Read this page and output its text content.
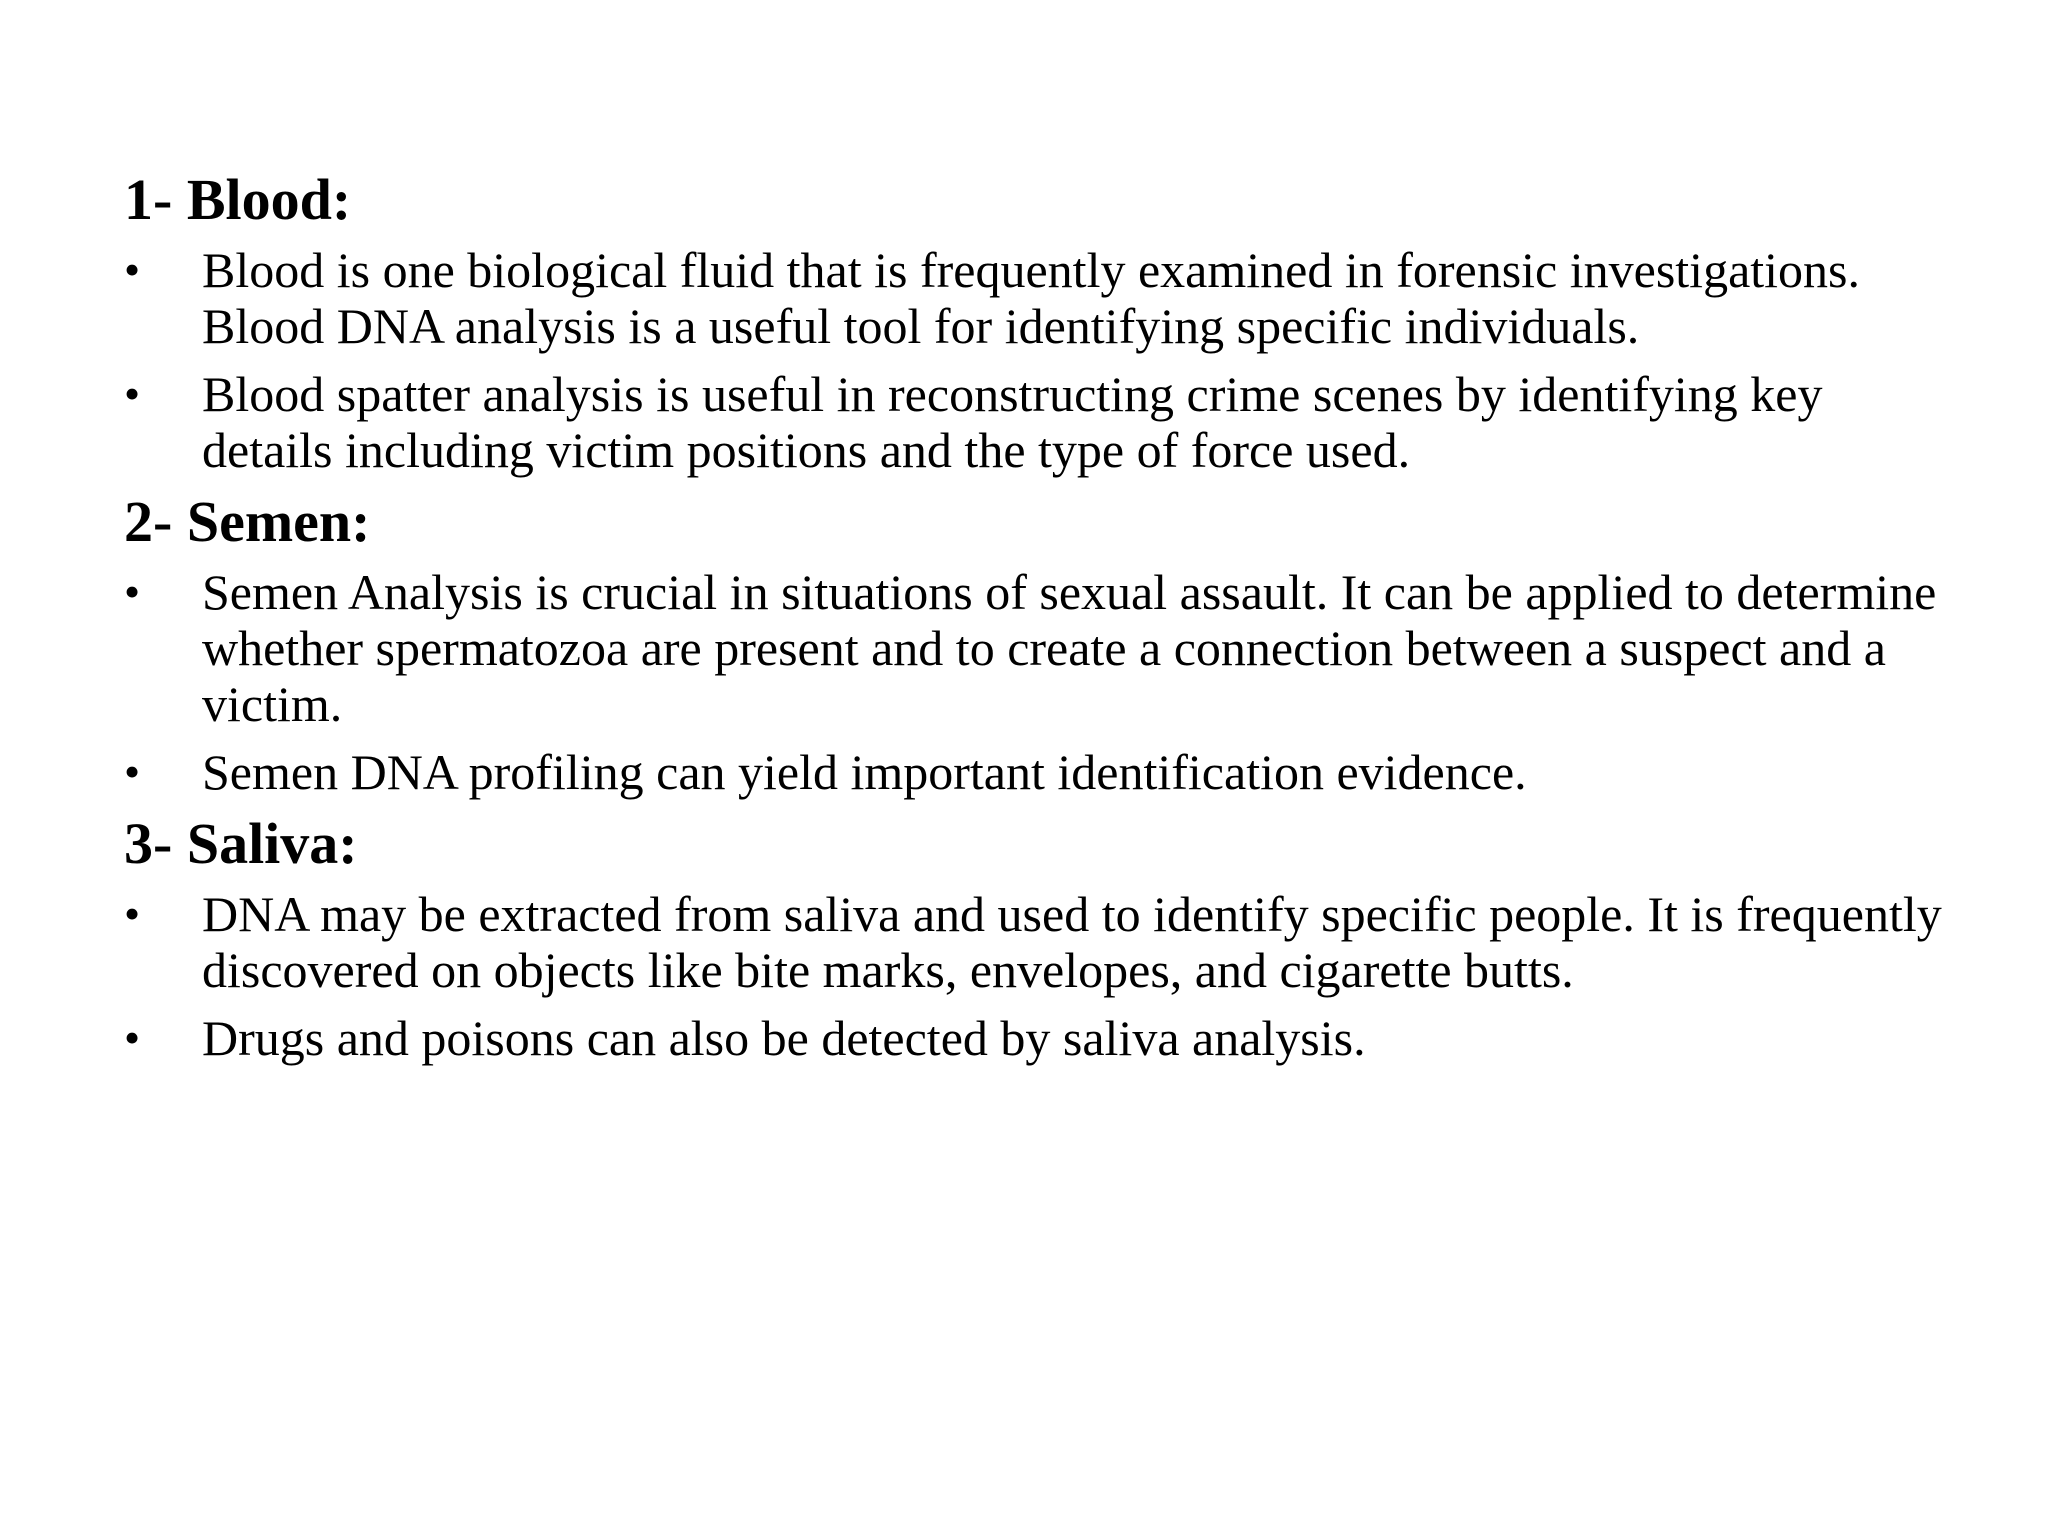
1- Blood:
•	Blood is one biological fluid that is frequently examined in forensic investigations. Blood DNA analysis is a useful tool for identifying specific individuals.
•	Blood spatter analysis is useful in reconstructing crime scenes by identifying key details including victim positions and the type of force used.
2- Semen:
•	Semen Analysis is crucial in situations of sexual assault. It can be applied to determine whether spermatozoa are present and to create a connection between a suspect and a victim.
•	Semen DNA profiling can yield important identification evidence.
3- Saliva:
•	DNA may be extracted from saliva and used to identify specific people. It is frequently discovered on objects like bite marks, envelopes, and cigarette butts.
•	Drugs and poisons can also be detected by saliva analysis.
